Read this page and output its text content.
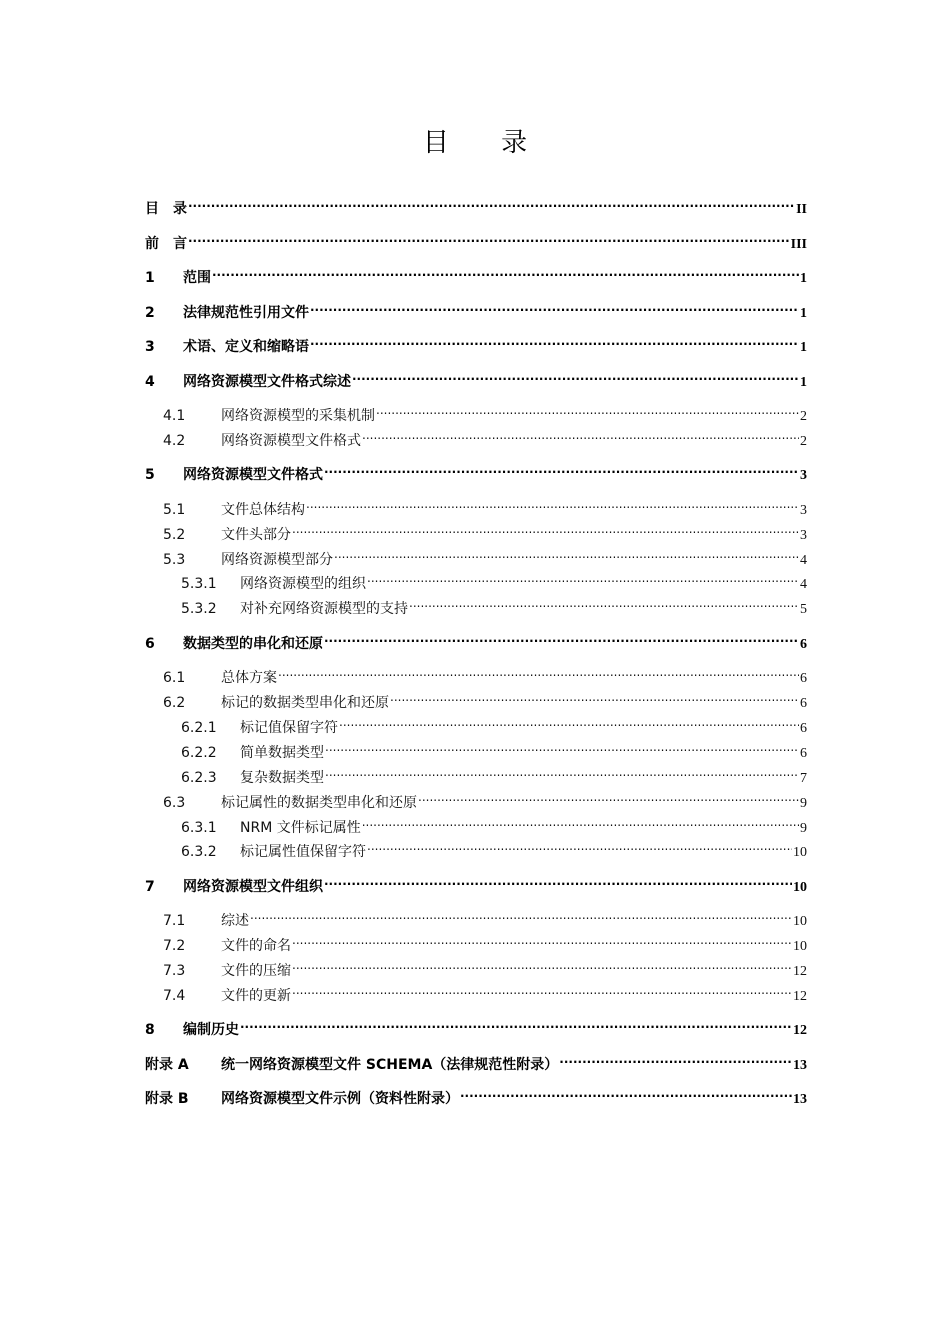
目 录
目　录 .....	II
前　言 .....	III
1	范围 .....	1
2	法律规范性引用文件 .....	1
3	术语、定义和缩略语 .....	1
4	网络资源模型文件格式综述 .....	1
4.1	网络资源模型的采集机制 .....	2
4.2	网络资源模型文件格式 .....	2
5	网络资源模型文件格式 .....	3
5.1	文件总体结构 .....	3
5.2	文件头部分 .....	3
5.3	网络资源模型部分 .....	4
5.3.1	网络资源模型的组织 .....	4
5.3.2	对补充网络资源模型的支持 .....	5
6	数据类型的串化和还原 .....	6
6.1	总体方案 .....	6
6.2	标记的数据类型串化和还原 .....	6
6.2.1	标记值保留字符 .....	6
6.2.2	简单数据类型 .....	6
6.2.3	复杂数据类型 .....	7
6.3	标记属性的数据类型串化和还原 .....	9
6.3.1	NRM 文件标记属性 .....	9
6.3.2	标记属性值保留字符 .....	10
7	网络资源模型文件组织 .....	10
7.1	综述 .....	10
7.2	文件的命名 .....	10
7.3	文件的压缩 .....	12
7.4	文件的更新 .....	12
8	编制历史 .....	12
附录 A	统一网络资源模型文件 SCHEMA（法律规范性附录） .....	13
附录 B	网络资源模型文件示例（资料性附录） .....	13
